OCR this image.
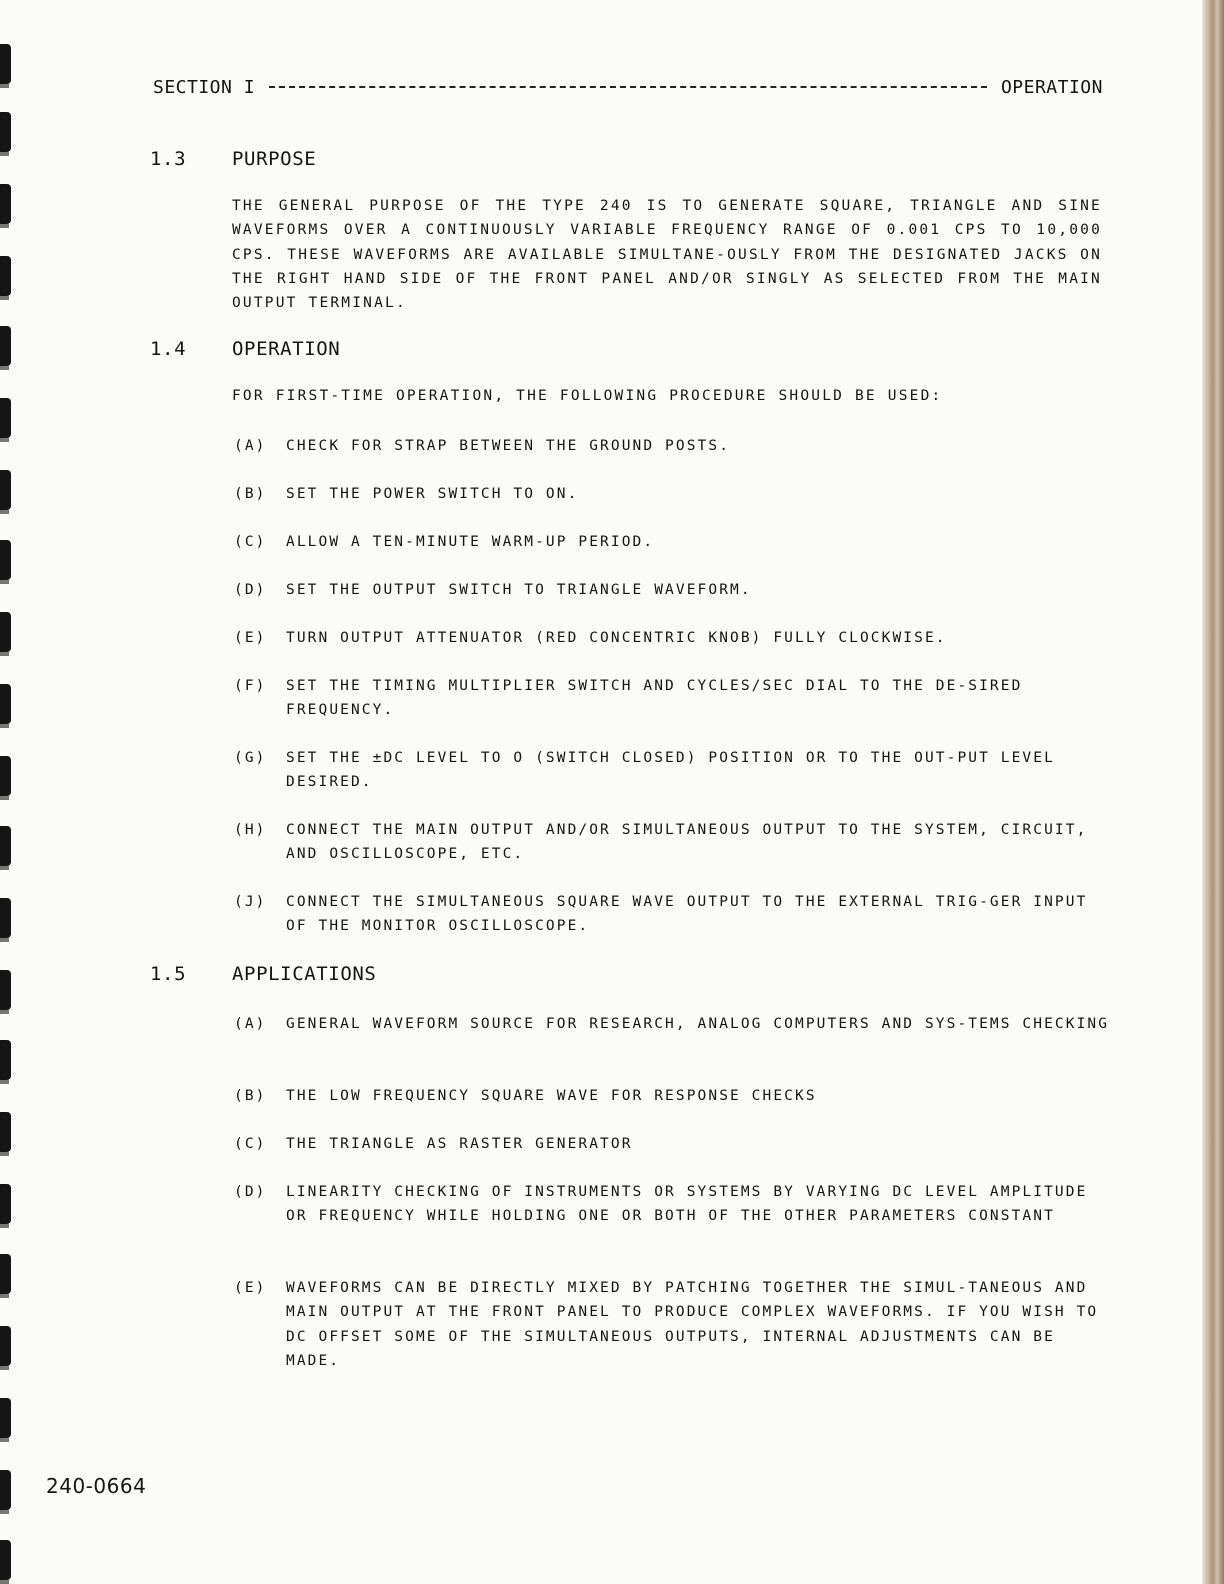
SECTION I	OPERATION
1.3	PURPOSE
THE GENERAL PURPOSE OF THE TYPE 240 IS TO GENERATE SQUARE, TRIANGLE AND SINE WAVEFORMS OVER A CONTINUOUSLY VARIABLE FREQUENCY RANGE OF 0.001 CPS TO 10,000 CPS. THESE WAVEFORMS ARE AVAILABLE SIMULTANE-OUSLY FROM THE DESIGNATED JACKS ON THE RIGHT HAND SIDE OF THE FRONT PANEL AND/OR SINGLY AS SELECTED FROM THE MAIN OUTPUT TERMINAL.
1.4	OPERATION
FOR FIRST-TIME OPERATION, THE FOLLOWING PROCEDURE SHOULD BE USED:
(A)	CHECK FOR STRAP BETWEEN THE GROUND POSTS.
(B)	SET THE POWER SWITCH TO ON.
(C)	ALLOW A TEN-MINUTE WARM-UP PERIOD.
(D)	SET THE OUTPUT SWITCH TO TRIANGLE WAVEFORM.
(E)	TURN OUTPUT ATTENUATOR (RED CONCENTRIC KNOB) FULLY CLOCKWISE.
(F)	SET THE TIMING MULTIPLIER SWITCH AND CYCLES/SEC DIAL TO THE DE-SIRED FREQUENCY.
(G)	SET THE ±DC LEVEL TO O (SWITCH CLOSED) POSITION OR TO THE OUT-PUT LEVEL DESIRED.
(H)	CONNECT THE MAIN OUTPUT AND/OR SIMULTANEOUS OUTPUT TO THE SYSTEM, CIRCUIT, AND OSCILLOSCOPE, ETC.
(J)	CONNECT THE SIMULTANEOUS SQUARE WAVE OUTPUT TO THE EXTERNAL TRIG-GER INPUT OF THE MONITOR OSCILLOSCOPE.
1.5	APPLICATIONS
(A)	GENERAL WAVEFORM SOURCE FOR RESEARCH, ANALOG COMPUTERS AND SYS-TEMS CHECKING
(B)	THE LOW FREQUENCY SQUARE WAVE FOR RESPONSE CHECKS
(C)	THE TRIANGLE AS RASTER GENERATOR
(D)	LINEARITY CHECKING OF INSTRUMENTS OR SYSTEMS BY VARYING DC LEVEL AMPLITUDE OR FREQUENCY WHILE HOLDING ONE OR BOTH OF THE OTHER PARAMETERS CONSTANT
(E)	WAVEFORMS CAN BE DIRECTLY MIXED BY PATCHING TOGETHER THE SIMUL-TANEOUS AND MAIN OUTPUT AT THE FRONT PANEL TO PRODUCE COMPLEX WAVEFORMS. IF YOU WISH TO DC OFFSET SOME OF THE SIMULTANEOUS OUTPUTS, INTERNAL ADJUSTMENTS CAN BE MADE.
240-0664
